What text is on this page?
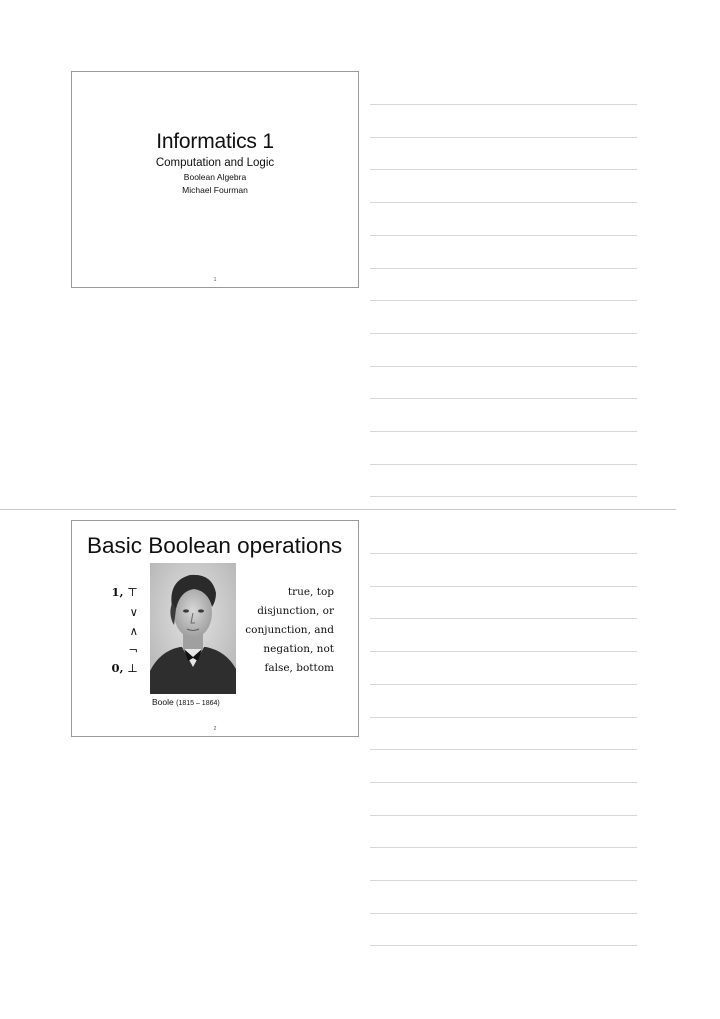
Informatics 1
Computation and Logic
Boolean Algebra
Michael Fourman
1
Basic Boolean operations
1, ⊤
∨
∧
¬
0, ⊥
Boole (1815 – 1864)
true, top
disjunction, or
conjunction, and
negation, not
false, bottom
2
